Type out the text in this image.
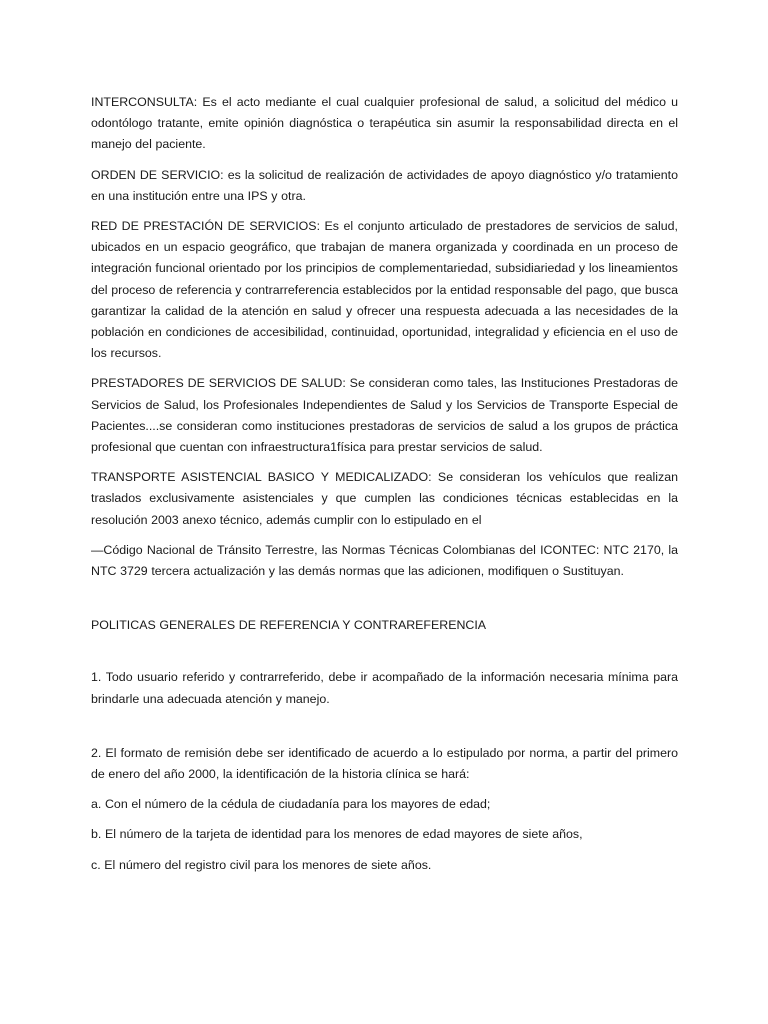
INTERCONSULTA: Es el acto mediante el cual cualquier profesional de salud, a solicitud del médico u odontólogo tratante, emite opinión diagnóstica o terapéutica sin asumir la responsabilidad directa en el manejo del paciente.

ORDEN DE SERVICIO: es la solicitud de realización de actividades de apoyo diagnóstico y/o tratamiento en una institución entre una IPS y otra.

RED DE PRESTACIÓN DE SERVICIOS: Es el conjunto articulado de prestadores de servicios de salud, ubicados en un espacio geográfico, que trabajan de manera organizada y coordinada en un proceso de integración funcional orientado por los principios de complementariedad, subsidiariedad y los lineamientos del proceso de referencia y contrarreferencia establecidos por la entidad responsable del pago, que busca garantizar la calidad de la atención en salud y ofrecer una respuesta adecuada a las necesidades de la población en condiciones de accesibilidad, continuidad, oportunidad, integralidad y eficiencia en el uso de los recursos.

PRESTADORES DE SERVICIOS DE SALUD: Se consideran como tales, las Instituciones Prestadoras de Servicios de Salud, los Profesionales Independientes de Salud y los Servicios de Transporte Especial de Pacientes....se consideran como instituciones prestadoras de servicios de salud a los grupos de práctica profesional que cuentan con infraestructura1física para prestar servicios de salud.

TRANSPORTE ASISTENCIAL BASICO Y MEDICALIZADO: Se consideran los vehículos que realizan traslados exclusivamente asistenciales y que cumplen las condiciones técnicas establecidas en la resolución 2003 anexo técnico, además cumplir con lo estipulado en el

—Código Nacional de Tránsito Terrestre, las Normas Técnicas Colombianas del ICONTEC: NTC 2170, la NTC 3729 tercera actualización y las demás normas que las adicionen, modifiquen o Sustituyan.

POLITICAS GENERALES DE REFERENCIA Y CONTRAREFERENCIA

1. Todo usuario referido y contrarreferido, debe ir acompañado de la información necesaria mínima para brindarle una adecuada atención y manejo.

2. El formato de remisión debe ser identificado de acuerdo a lo estipulado por norma, a partir del primero de enero del año 2000, la identificación de la historia clínica se hará:

a. Con el número de la cédula de ciudadanía para los mayores de edad;

b. El número de la tarjeta de identidad para los menores de edad mayores de siete años,

c. El número del registro civil para los menores de siete años.
